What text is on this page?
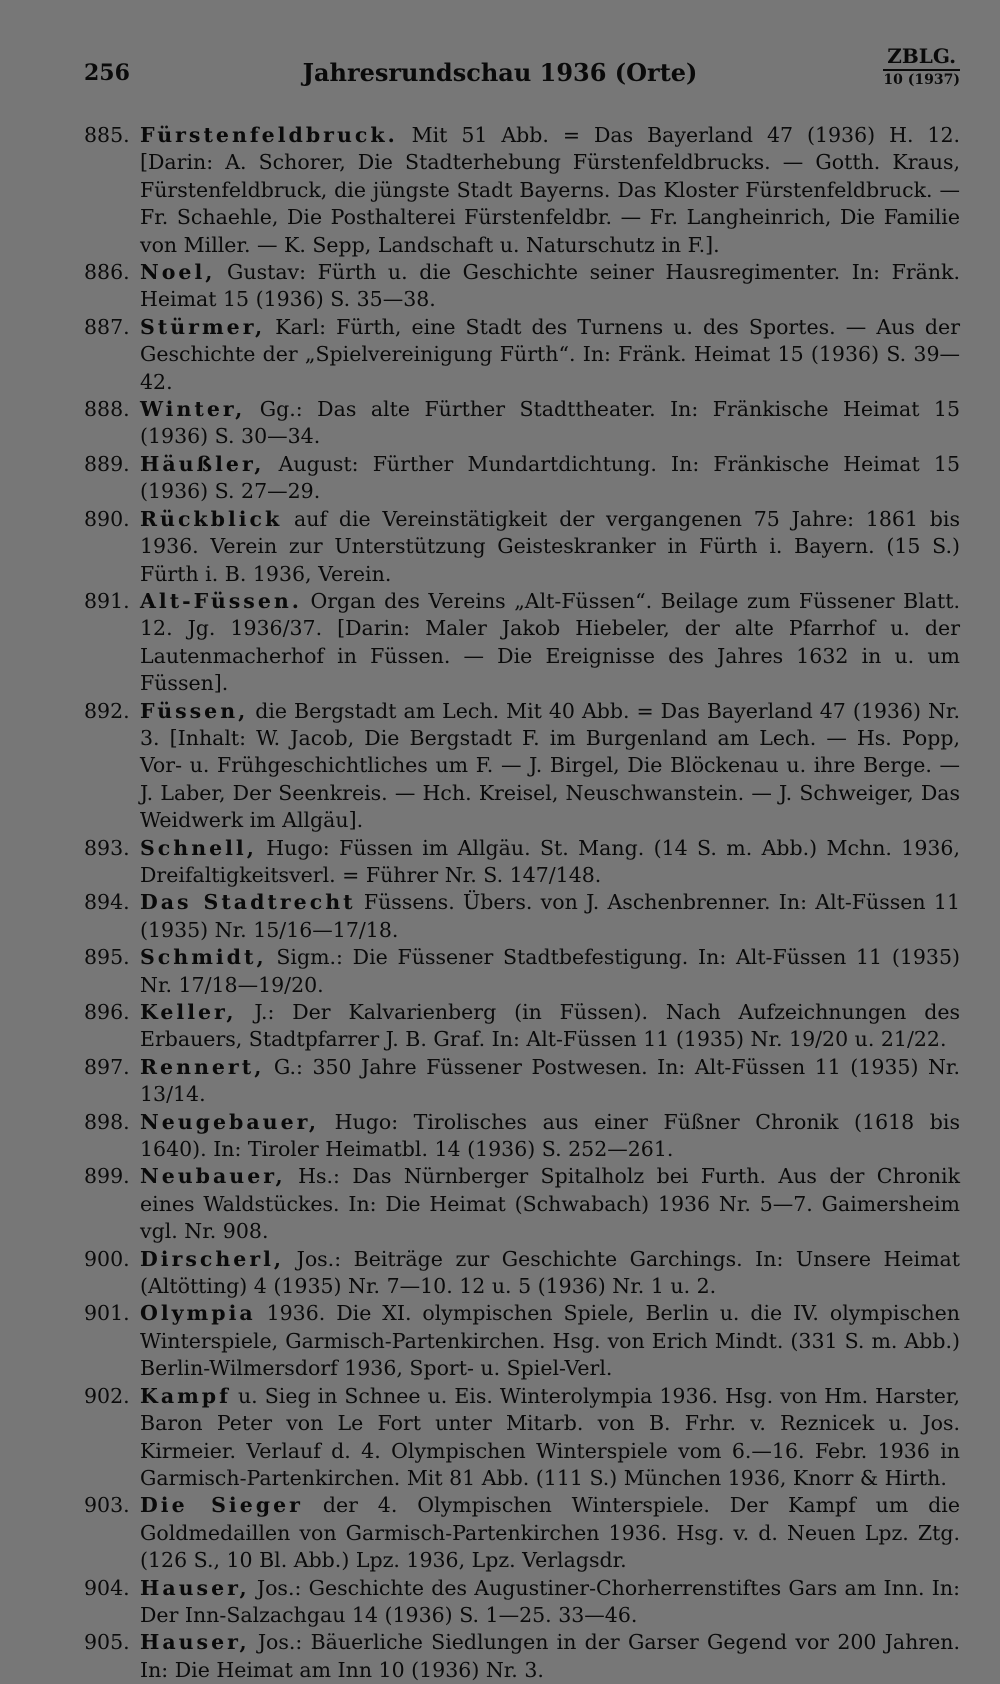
256	Jahresrundschau 1936 (Orte)
ZBLG.
10 (1937)

885. Fürstenfeldbruck. Mit 51 Abb. = Das Bayerland 47 (1936) H. 12. [Darin: A. Schorer, Die Stadterhebung Fürstenfeldbrucks. — Gotth. Kraus, Fürstenfeldbruck, die jüngste Stadt Bayerns. Das Kloster Fürstenfeldbruck. — Fr. Schaehle, Die Posthalterei Fürstenfeldbr. — Fr. Langheinrich, Die Familie von Miller. — K. Sepp, Landschaft u. Naturschutz in F.].

886. Noel, Gustav: Fürth u. die Geschichte seiner Hausregimenter. In: Fränk. Heimat 15 (1936) S. 35—38.

887. Stürmer, Karl: Fürth, eine Stadt des Turnens u. des Sportes. — Aus der Geschichte der „Spielvereinigung Fürth“. In: Fränk. Heimat 15 (1936) S. 39—42.

888. Winter, Gg.: Das alte Fürther Stadttheater. In: Fränkische Heimat 15 (1936) S. 30—34.

889. Häußler, August: Fürther Mundartdichtung. In: Fränkische Heimat 15 (1936) S. 27—29.

890. Rückblick auf die Vereinstätigkeit der vergangenen 75 Jahre: 1861 bis 1936. Verein zur Unterstützung Geisteskranker in Fürth i. Bayern. (15 S.) Fürth i. B. 1936, Verein.

891. Alt-Füssen. Organ des Vereins „Alt-Füssen“. Beilage zum Füssener Blatt. 12. Jg. 1936/37. [Darin: Maler Jakob Hiebeler, der alte Pfarrhof u. der Lautenmacherhof in Füssen. — Die Ereignisse des Jahres 1632 in u. um Füssen].

892. Füssen, die Bergstadt am Lech. Mit 40 Abb. = Das Bayerland 47 (1936) Nr. 3. [Inhalt: W. Jacob, Die Bergstadt F. im Burgenland am Lech. — Hs. Popp, Vor- u. Frühgeschichtliches um F. — J. Birgel, Die Blöckenau u. ihre Berge. — J. Laber, Der Seenkreis. — Hch. Kreisel, Neuschwanstein. — J. Schweiger, Das Weidwerk im Allgäu].

893. Schnell, Hugo: Füssen im Allgäu. St. Mang. (14 S. m. Abb.) Mchn. 1936, Dreifaltigkeitsverl. = Führer Nr. S. 147/148.

894. Das Stadtrecht Füssens. Übers. von J. Aschenbrenner. In: Alt-Füssen 11 (1935) Nr. 15/16—17/18.

895. Schmidt, Sigm.: Die Füssener Stadtbefestigung. In: Alt-Füssen 11 (1935) Nr. 17/18—19/20.

896. Keller, J.: Der Kalvarienberg (in Füssen). Nach Aufzeichnungen des Erbauers, Stadtpfarrer J. B. Graf. In: Alt-Füssen 11 (1935) Nr. 19/20 u. 21/22.

897. Rennert, G.: 350 Jahre Füssener Postwesen. In: Alt-Füssen 11 (1935) Nr. 13/14.

898. Neugebauer, Hugo: Tirolisches aus einer Füßner Chronik (1618 bis 1640). In: Tiroler Heimatbl. 14 (1936) S. 252—261.

899. Neubauer, Hs.: Das Nürnberger Spitalholz bei Furth. Aus der Chronik eines Waldstückes. In: Die Heimat (Schwabach) 1936 Nr. 5—7. Gaimersheim vgl. Nr. 908.

900. Dirscherl, Jos.: Beiträge zur Geschichte Garchings. In: Unsere Heimat (Altötting) 4 (1935) Nr. 7—10. 12 u. 5 (1936) Nr. 1 u. 2.

901. Olympia 1936. Die XI. olympischen Spiele, Berlin u. die IV. olympischen Winterspiele, Garmisch-Partenkirchen. Hsg. von Erich Mindt. (331 S. m. Abb.) Berlin-Wilmersdorf 1936, Sport- u. Spiel-Verl.

902. Kampf u. Sieg in Schnee u. Eis. Winterolympia 1936. Hsg. von Hm. Harster, Baron Peter von Le Fort unter Mitarb. von B. Frhr. v. Reznicek u. Jos. Kirmeier. Verlauf d. 4. Olympischen Winterspiele vom 6.—16. Febr. 1936 in Garmisch-Partenkirchen. Mit 81 Abb. (111 S.) München 1936, Knorr & Hirth.

903. Die Sieger der 4. Olympischen Winterspiele. Der Kampf um die Goldmedaillen von Garmisch-Partenkirchen 1936. Hsg. v. d. Neuen Lpz. Ztg. (126 S., 10 Bl. Abb.) Lpz. 1936, Lpz. Verlagsdr.

904. Hauser, Jos.: Geschichte des Augustiner-Chorherrenstiftes Gars am Inn. In: Der Inn-Salzachgau 14 (1936) S. 1—25. 33—46.

905. Hauser, Jos.: Bäuerliche Siedlungen in der Garser Gegend vor 200 Jahren. In: Die Heimat am Inn 10 (1936) Nr. 3.
